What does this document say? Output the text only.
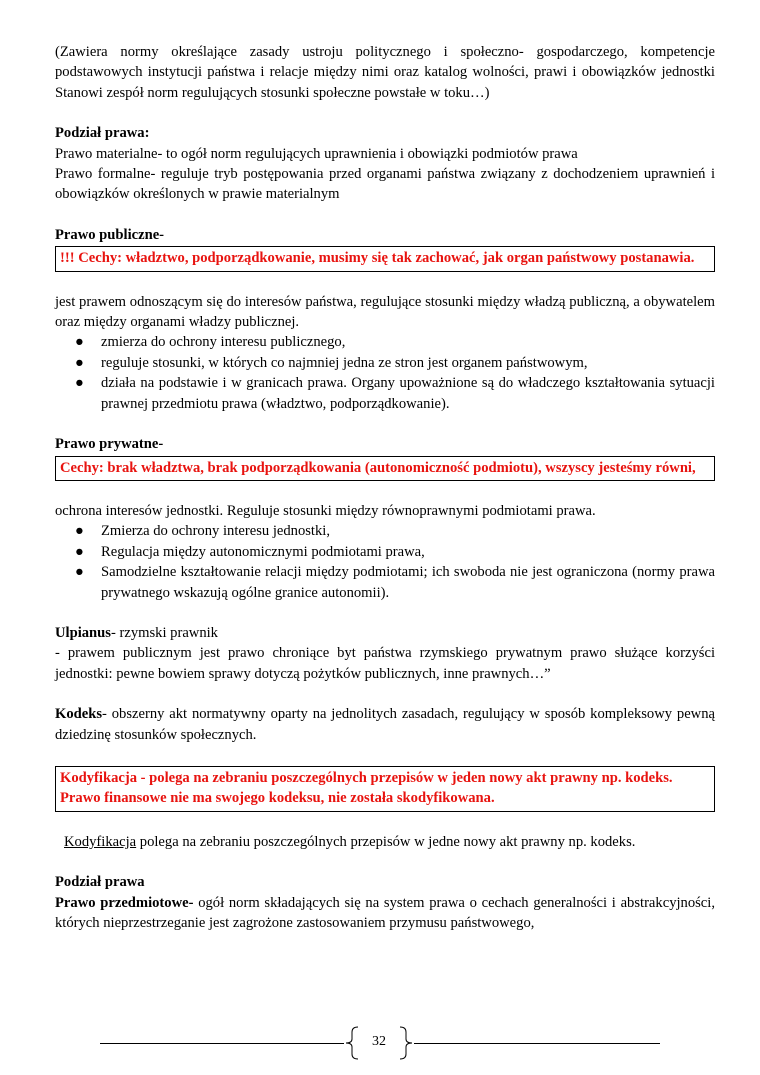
(Zawiera normy określające zasady ustroju politycznego i społeczno- gospodarczego, kompetencje podstawowych instytucji państwa i relacje między nimi oraz katalog wolności, prawi i obowiązków jednostki Stanowi zespół norm regulujących stosunki społeczne powstałe w toku…)

Podział prawa:

Prawo materialne- to ogół norm regulujących uprawnienia i obowiązki podmiotów prawa

Prawo formalne- reguluje tryb postępowania przed organami państwa związany z dochodzeniem uprawnień i obowiązków określonych w prawie materialnym

Prawo publiczne-

!!! Cechy: władztwo, podporządkowanie, musimy się tak zachować, jak organ państwowy postanawia.

jest prawem odnoszącym się do interesów państwa, regulujące stosunki między władzą publiczną, a obywatelem oraz między organami władzy publicznej.

● zmierza do ochrony interesu publicznego,
● reguluje stosunki, w których co najmniej jedna ze stron jest organem państwowym,
● działa na podstawie i w granicach prawa. Organy upoważnione są do władczego kształtowania sytuacji prawnej przedmiotu prawa (władztwo, podporządkowanie).

Prawo prywatne-

Cechy: brak władztwa, brak podporządkowania (autonomiczność podmiotu), wszyscy jesteśmy równi,

ochrona interesów jednostki. Reguluje stosunki między równoprawnymi podmiotami prawa.

● Zmierza do ochrony interesu jednostki,
● Regulacja między autonomicznymi podmiotami prawa,
● Samodzielne kształtowanie relacji między podmiotami; ich swoboda nie jest ograniczona (normy prawa prywatnego wskazują ogólne granice autonomii).

Ulpianus- rzymski prawnik

- prawem publicznym jest prawo chroniące byt państwa rzymskiego prywatnym prawo służące korzyści jednostki: pewne bowiem sprawy dotyczą pożytków publicznych, inne prawnych…”

Kodeks- obszerny akt normatywny oparty na jednolitych zasadach, regulujący w sposób kompleksowy pewną dziedzinę stosunków społecznych.

Kodyfikacja - polega na zebraniu poszczególnych przepisów w jeden nowy akt prawny np. kodeks.

Prawo finansowe nie ma swojego kodeksu, nie została skodyfikowana.

Kodyfikacja polega na zebraniu poszczególnych przepisów w jedne nowy akt prawny np. kodeks.

Podział prawa

Prawo przedmiotowe- ogół norm składających się na system prawa o cechach generalności i abstrakcyjności, których nieprzestrzeganie jest zagrożone zastosowaniem przymusu państwowego,

32
